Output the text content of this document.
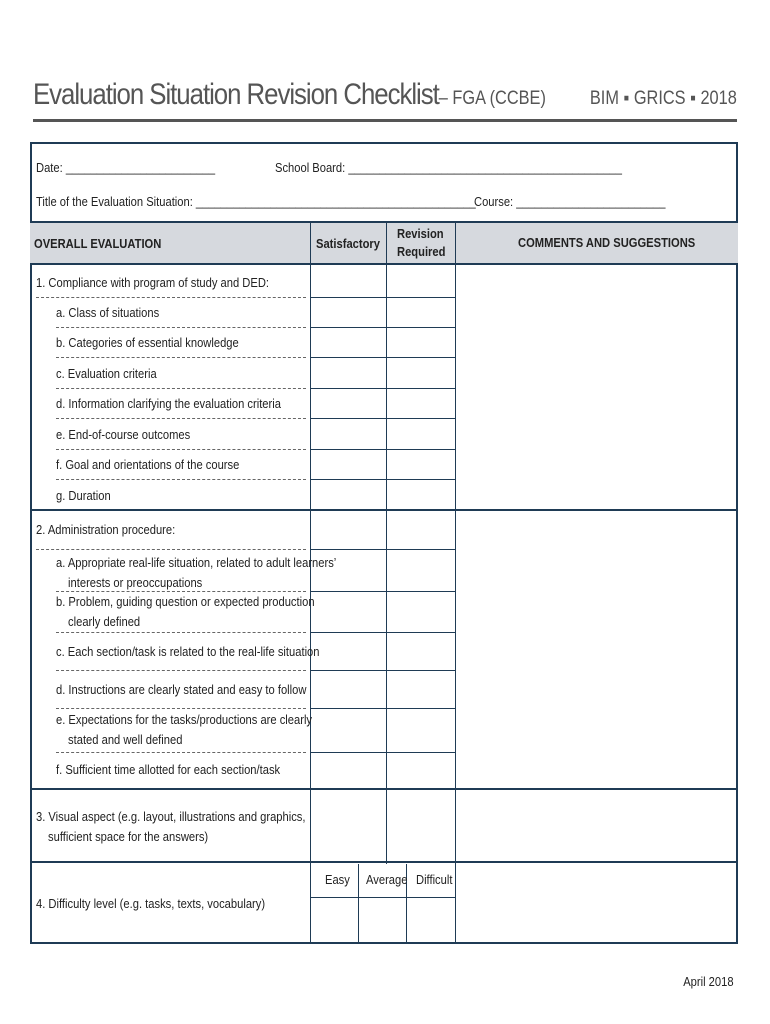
Evaluation Situation Revision Checklist– FGA (CCBE) BIM ▪ GRICS ▪ 2018
Date: ________________________	School Board: ____________________________________________
Title of the Evaluation Situation: _____________________________________________
Course: ________________________
OVERALL EVALUATION	Satisfactory
Revision
Required
COMMENTS AND SUGGESTIONS
1. Compliance with program of study and DED:
a. Class of situations
b. Categories of essential knowledge
c. Evaluation criteria
d. Information clarifying the evaluation criteria
e. End-of-course outcomes
f. Goal and orientations of the course
g. Duration
2. Administration procedure:
a. Appropriate real-life situation, related to adult learners’
interests or preoccupations
b. Problem, guiding question or expected production
clearly defined
c. Each section/task is related to the real-life situation
d. Instructions are clearly stated and easy to follow
e. Expectations for the tasks/productions are clearly
stated and well defined
f. Sufficient time allotted for each section/task
3. Visual aspect (e.g. layout, illustrations and graphics,
sufficient space for the answers)
4. Difficulty level (e.g. tasks, texts, vocabulary)
Easy Average Difficult
April 2018
